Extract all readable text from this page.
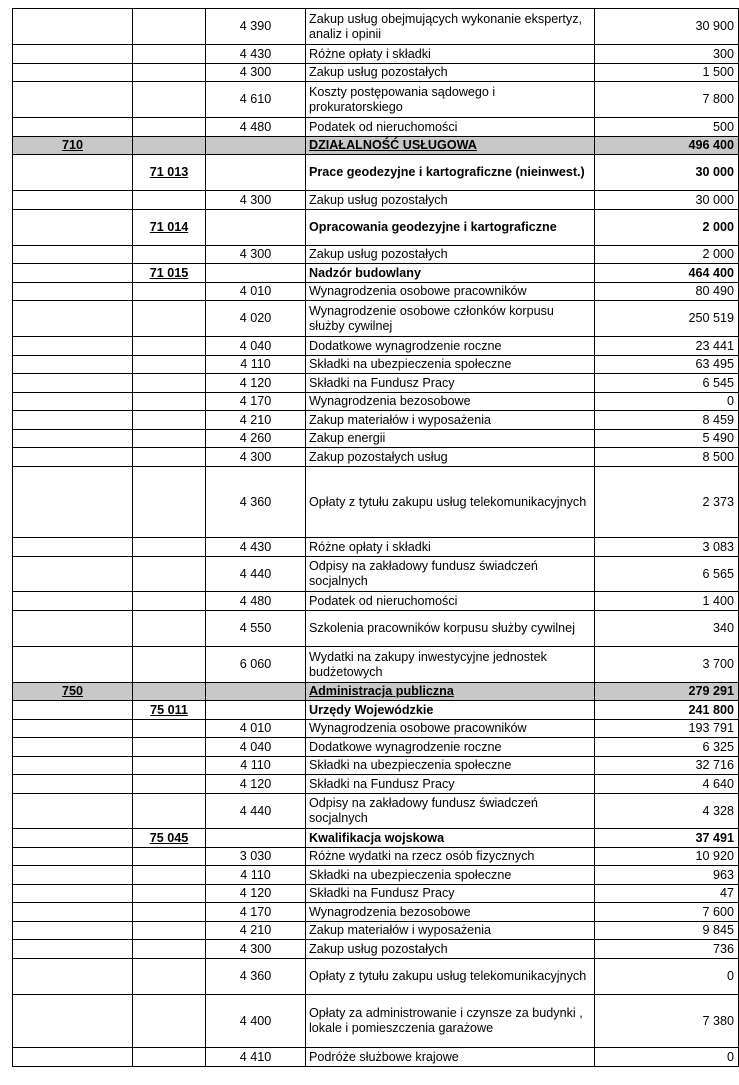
		4 390	Zakup usług obejmujących wykonanie ekspertyz, analiz i opinii	30 900
		4 430	Różne opłaty i składki	300
		4 300	Zakup usług pozostałych	1 500
		4 610	Koszty postępowania sądowego i prokuratorskiego	7 800
		4 480	Podatek od nieruchomości	500
710			DZIAŁALNOŚĆ USŁUGOWA	496 400
	71 013		Prace geodezyjne i kartograficzne (nieinwest.)	30 000
		4 300	Zakup usług pozostałych	30 000
	71 014		Opracowania geodezyjne i kartograficzne	2 000
		4 300	Zakup usług pozostałych	2 000
	71 015		Nadzór budowlany	464 400
		4 010	Wynagrodzenia osobowe pracowników	80 490
		4 020	Wynagrodzenie osobowe członków korpusu służby cywilnej	250 519
		4 040	Dodatkowe wynagrodzenie roczne	23 441
		4 110	Składki na ubezpieczenia społeczne	63 495
		4 120	Składki na Fundusz Pracy	6 545
		4 170	Wynagrodzenia bezosobowe	0
		4 210	Zakup materiałów i wyposażenia	8 459
		4 260	Zakup energii	5 490
		4 300	Zakup pozostałych usług	8 500
		4 360	Opłaty z tytułu zakupu usług telekomunikacyjnych	2 373
		4 430	Różne opłaty i składki	3 083
		4 440	Odpisy na zakładowy fundusz świadczeń socjalnych	6 565
		4 480	Podatek od nieruchomości	1 400
		4 550	Szkolenia pracowników korpusu służby cywilnej	340
		6 060	Wydatki na zakupy inwestycyjne jednostek budżetowych	3 700
750			Administracja publiczna	279 291
	75 011		Urzędy Wojewódzkie	241 800
		4 010	Wynagrodzenia osobowe pracowników	193 791
		4 040	Dodatkowe wynagrodzenie roczne	6 325
		4 110	Składki na ubezpieczenia społeczne	32 716
		4 120	Składki na Fundusz Pracy	4 640
		4 440	Odpisy na zakładowy fundusz świadczeń socjalnych	4 328
	75 045		Kwalifikacja wojskowa	37 491
		3 030	Różne wydatki na rzecz osób fizycznych	10 920
		4 110	Składki na ubezpieczenia społeczne	963
		4 120	Składki na Fundusz Pracy	47
		4 170	Wynagrodzenia bezosobowe	7 600
		4 210	Zakup materiałów i wyposażenia	9 845
		4 300	Zakup usług pozostałych	736
		4 360	Opłaty z tytułu zakupu usług telekomunikacyjnych	0
		4 400	Opłaty za administrowanie i czynsze za budynki , lokale i pomieszczenia garażowe	7 380
		4 410	Podróże służbowe krajowe	0
